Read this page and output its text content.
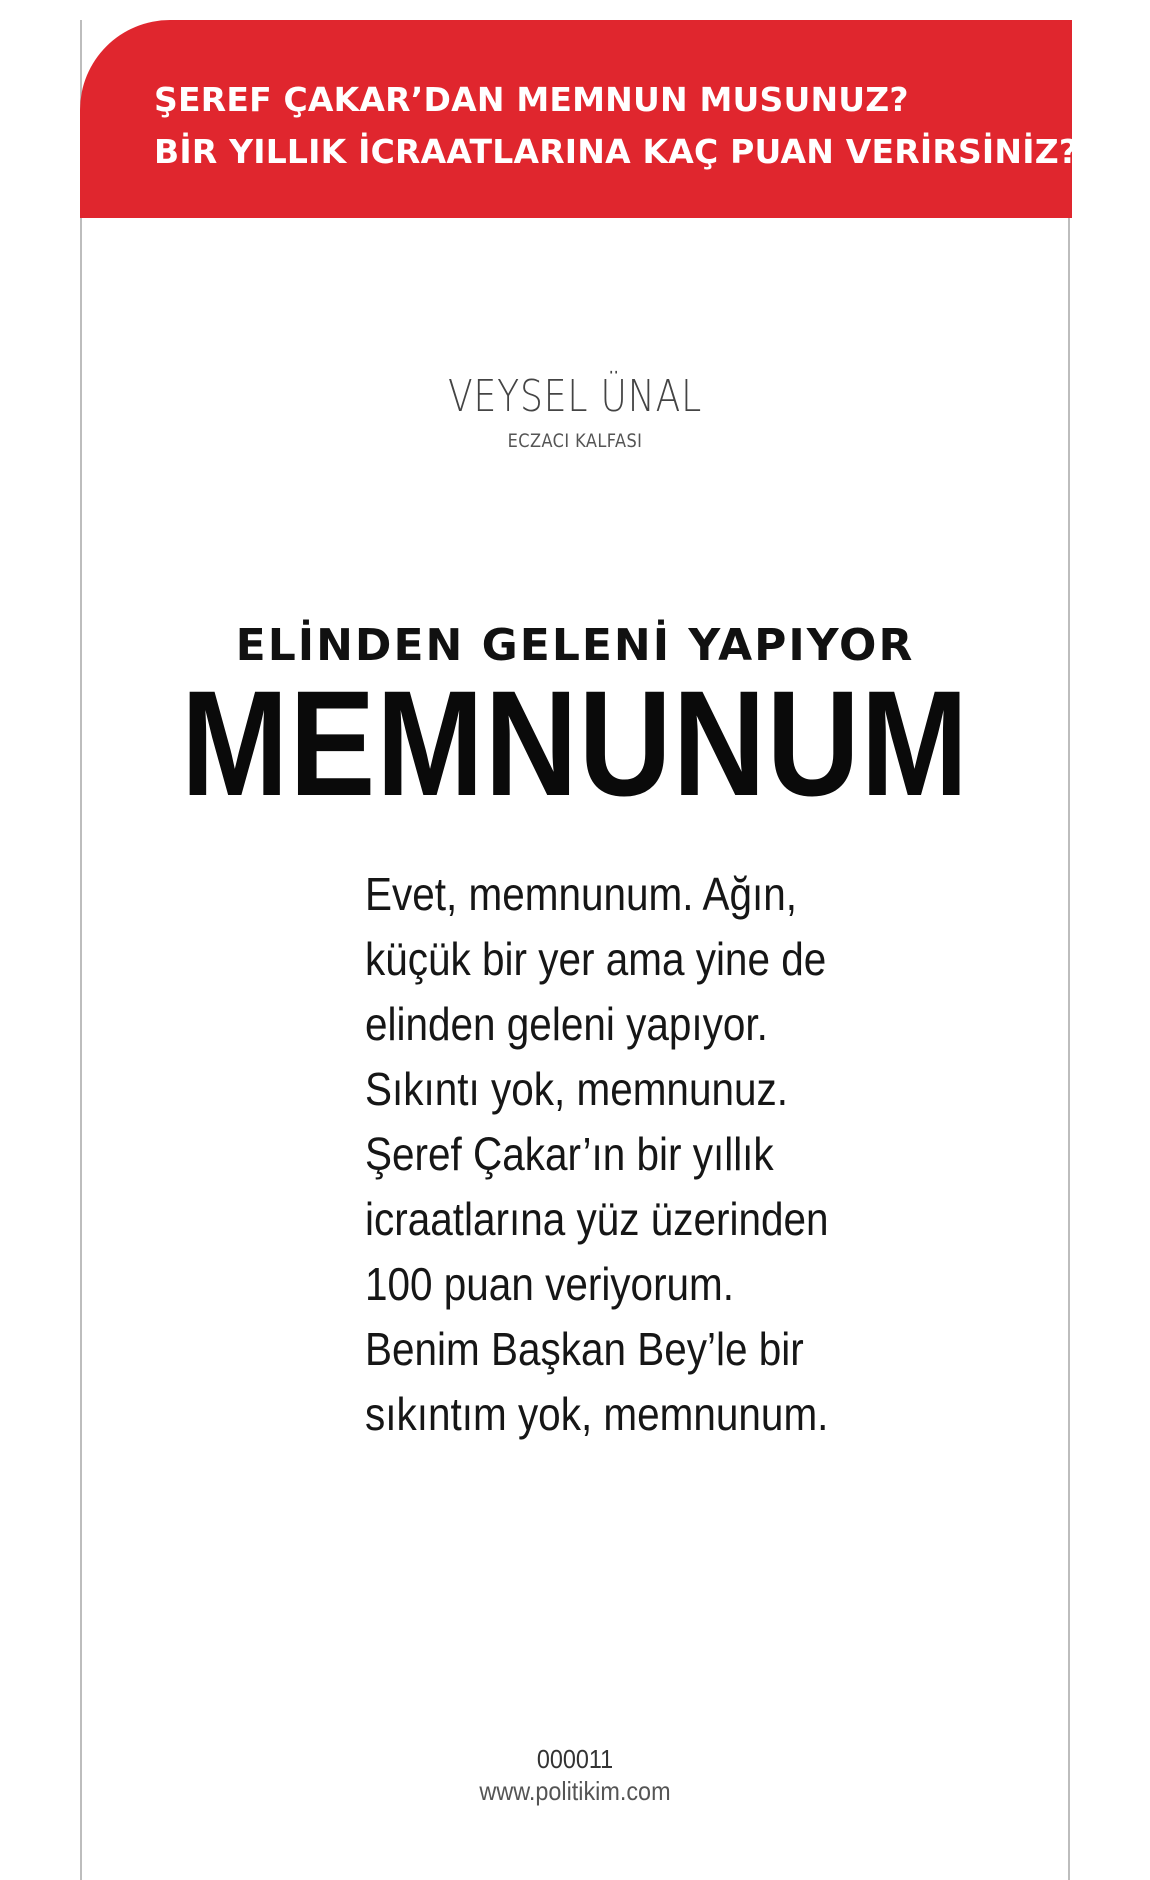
ŞEREF ÇAKAR’DAN MEMNUN MUSUNUZ?
BİR YILLIK İCRAATLARINA KAÇ PUAN VERİRSİNİZ?
VEYSEL ÜNAL
ECZACI KALFASI
ELİNDEN GELENİ YAPIYOR
MEMNUNUM
Evet, memnunum. Ağın,
küçük bir yer ama yine de
elinden geleni yapıyor.
Sıkıntı yok, memnunuz.
Şeref Çakar’ın bir yıllık
icraatlarına yüz üzerinden
100 puan veriyorum.
Benim Başkan Bey’le bir
sıkıntım yok, memnunum.
000011
www.politikim.com
